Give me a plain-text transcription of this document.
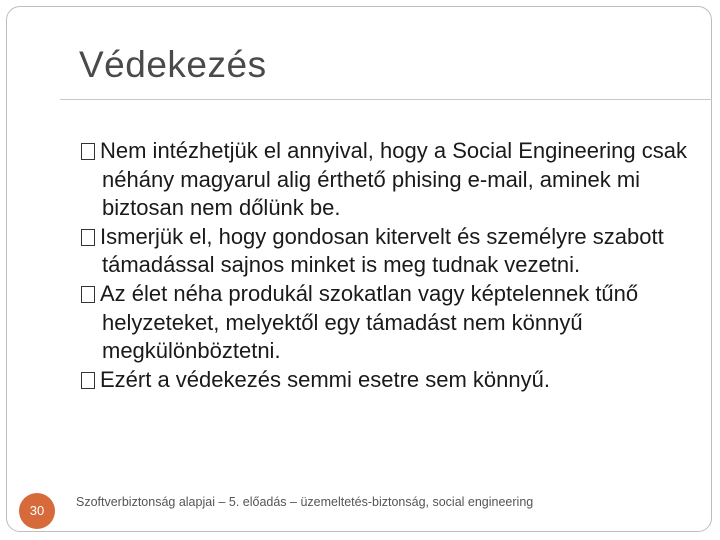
Védekezés
Nem intézhetjük el annyival, hogy a Social Engineering csak néhány magyarul alig érthető phising e-mail, aminek mi biztosan nem dőlünk be.
Ismerjük el, hogy gondosan kitervelt és személyre szabott támadással sajnos minket is meg tudnak vezetni.
Az élet néha produkál szokatlan vagy képtelennek tűnő helyzeteket, melyektől egy támadást nem könnyű megkülönböztetni.
Ezért a védekezés semmi esetre sem könnyű.
30
Szoftverbiztonság alapjai – 5. előadás – üzemeltetés-biztonság, social engineering
